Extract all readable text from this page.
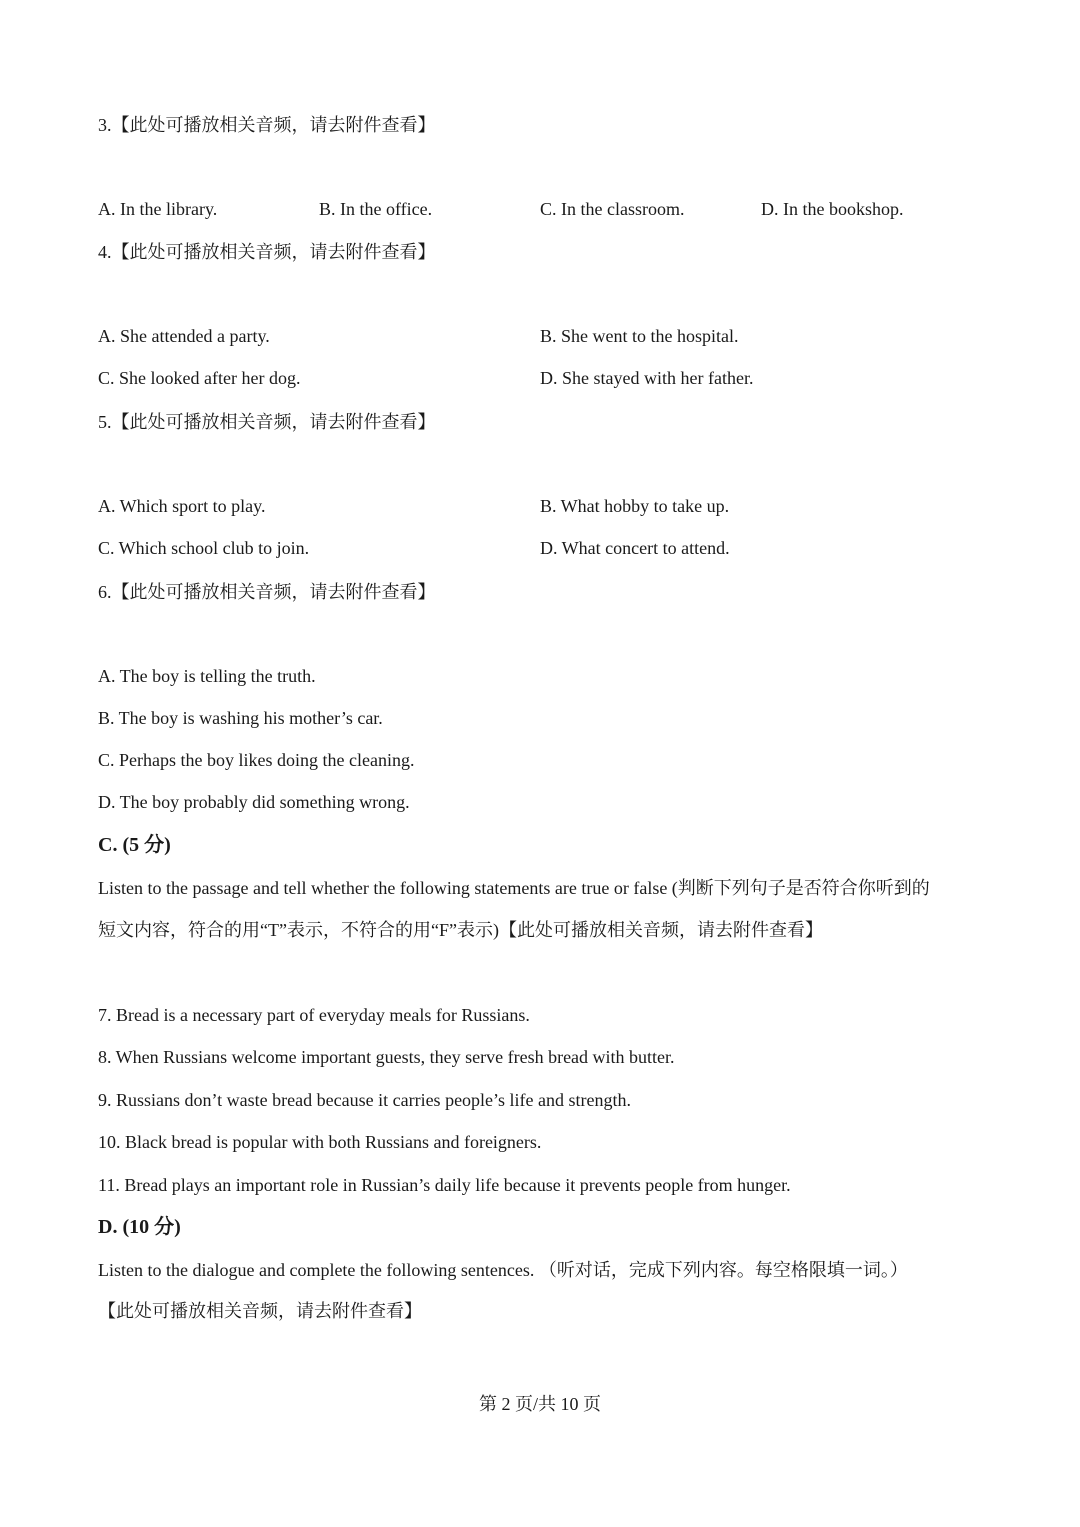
3.【此处可播放相关音频，请去附件查看】
A. In the library.	B. In the office.	C. In the classroom.	D. In the bookshop.
4.【此处可播放相关音频，请去附件查看】
A. She attended a party.	B. She went to the hospital.
C. She looked after her dog.	D. She stayed with her father.
5.【此处可播放相关音频，请去附件查看】
A. Which sport to play.	B. What hobby to take up.
C. Which school club to join.	D. What concert to attend.
6.【此处可播放相关音频，请去附件查看】
A. The boy is telling the truth.
B. The boy is washing his mother’s car.
C. Perhaps the boy likes doing the cleaning.
D. The boy probably did something wrong.
C. (5 分)
Listen to the passage and tell whether the following statements are true or false (判断下列句子是否符合你听到的
短文内容，符合的用“T”表示，不符合的用“F”表示)【此处可播放相关音频，请去附件查看】
7. Bread is a necessary part of everyday meals for Russians.
8. When Russians welcome important guests, they serve fresh bread with butter.
9. Russians don’t waste bread because it carries people’s life and strength.
10. Black bread is popular with both Russians and foreigners.
11. Bread plays an important role in Russian’s daily life because it prevents people from hunger.
D. (10 分)
Listen to the dialogue and complete the following sentences. （听对话，完成下列内容。每空格限填一词。）
【此处可播放相关音频，请去附件查看】
第 2 页/共 10 页
